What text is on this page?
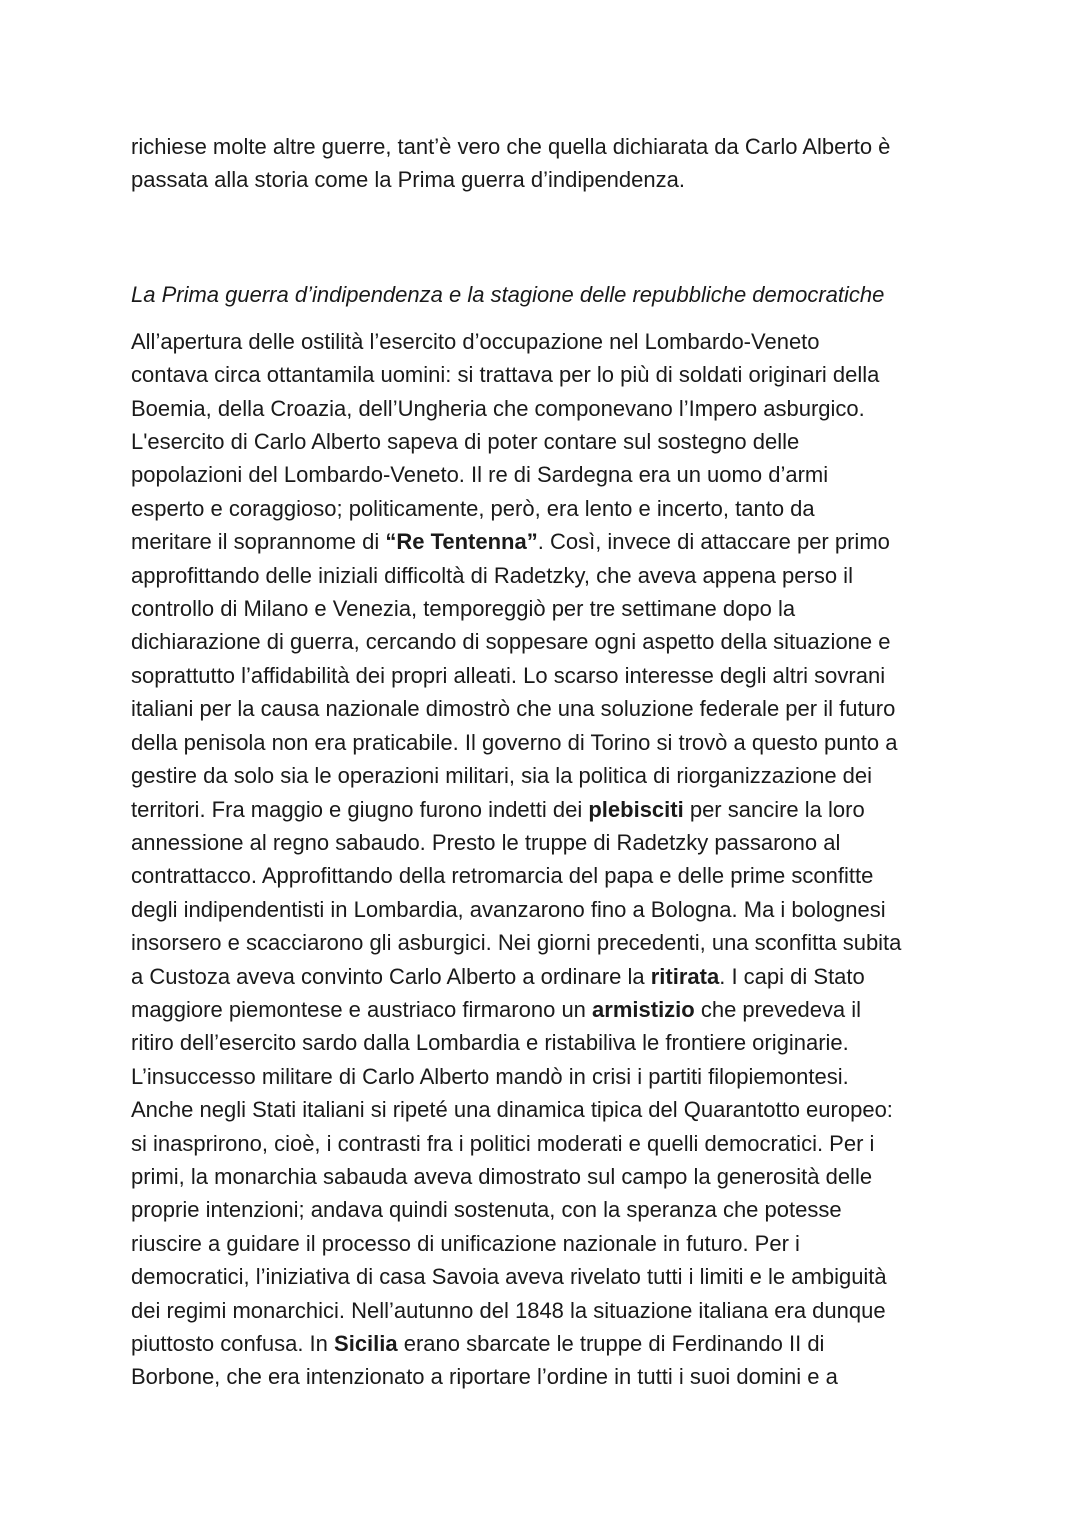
richiese molte altre guerre, tant’è vero che quella dichiarata da Carlo Alberto è
passata alla storia come la Prima guerra d’indipendenza.
La Prima guerra d’indipendenza e la stagione delle repubbliche democratiche
All’apertura delle ostilità l’esercito d’occupazione nel Lombardo-Veneto
contava circa ottantamila uomini: si trattava per lo più di soldati originari della
Boemia, della Croazia, dell’Ungheria che componevano l’Impero asburgico.
L'esercito di Carlo Alberto sapeva di poter contare sul sostegno delle
popolazioni del Lombardo-Veneto. Il re di Sardegna era un uomo d’armi
esperto e coraggioso; politicamente, però, era lento e incerto, tanto da
meritare il soprannome di “Re Tentenna”. Così, invece di attaccare per primo
approfittando delle iniziali difficoltà di Radetzky, che aveva appena perso il
controllo di Milano e Venezia, temporeggiò per tre settimane dopo la
dichiarazione di guerra, cercando di soppesare ogni aspetto della situazione e
soprattutto l’affidabilità dei propri alleati. Lo scarso interesse degli altri sovrani
italiani per la causa nazionale dimostrò che una soluzione federale per il futuro
della penisola non era praticabile. Il governo di Torino si trovò a questo punto a
gestire da solo sia le operazioni militari, sia la politica di riorganizzazione dei
territori. Fra maggio e giugno furono indetti dei plebisciti per sancire la loro
annessione al regno sabaudo. Presto le truppe di Radetzky passarono al
contrattacco. Approfittando della retromarcia del papa e delle prime sconfitte
degli indipendentisti in Lombardia, avanzarono fino a Bologna. Ma i bolognesi
insorsero e scacciarono gli asburgici. Nei giorni precedenti, una sconfitta subita
a Custoza aveva convinto Carlo Alberto a ordinare la ritirata. I capi di Stato
maggiore piemontese e austriaco firmarono un armistizio che prevedeva il
ritiro dell’esercito sardo dalla Lombardia e ristabiliva le frontiere originarie.
L’insuccesso militare di Carlo Alberto mandò in crisi i partiti filopiemontesi.
Anche negli Stati italiani si ripeté una dinamica tipica del Quarantotto europeo:
si inasprirono, cioè, i contrasti fra i politici moderati e quelli democratici. Per i
primi, la monarchia sabauda aveva dimostrato sul campo la generosità delle
proprie intenzioni; andava quindi sostenuta, con la speranza che potesse
riuscire a guidare il processo di unificazione nazionale in futuro. Per i
democratici, l’iniziativa di casa Savoia aveva rivelato tutti i limiti e le ambiguità
dei regimi monarchici. Nell’autunno del 1848 la situazione italiana era dunque
piuttosto confusa. In Sicilia erano sbarcate le truppe di Ferdinando II di
Borbone, che era intenzionato a riportare l’ordine in tutti i suoi domini e a
